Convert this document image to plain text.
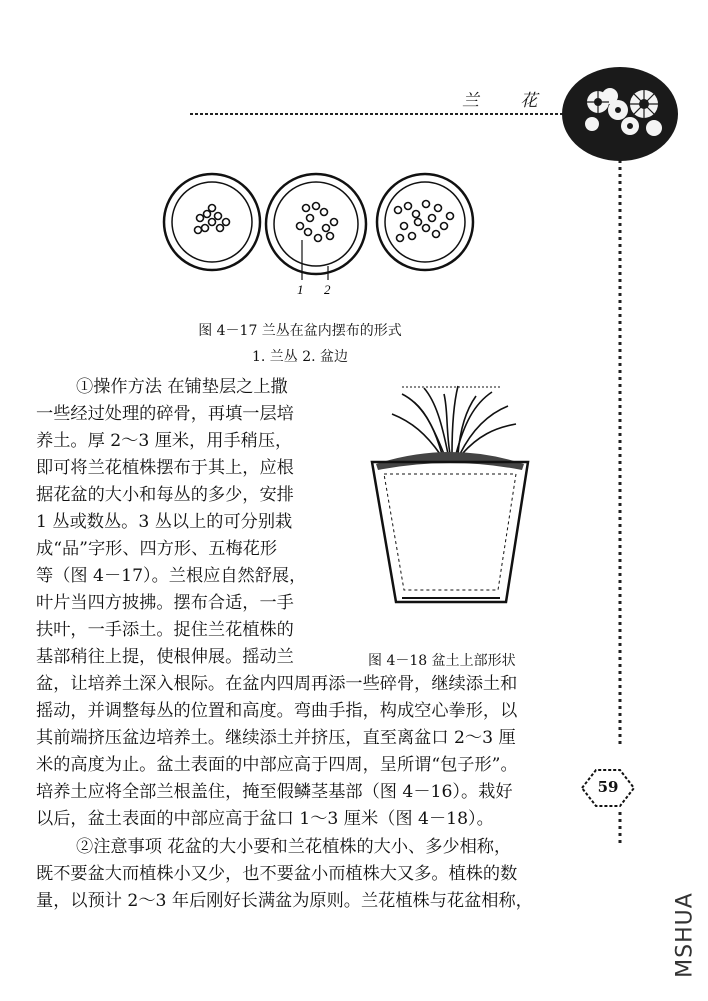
兰 花
1 2
图 4－17 兰丛在盆内摆布的形式
1. 兰丛 2. 盆边
图 4－18 盆土上部形状
①操作方法 在铺垫层之上撒
一些经过处理的碎骨，再填一层培
养土。厚 2～3 厘米，用手稍压，
即可将兰花植株摆布于其上，应根
据花盆的大小和每丛的多少，安排
1 丛或数丛。3 丛以上的可分别栽
成“品”字形、四方形、五梅花形
等（图 4－17）。兰根应自然舒展，
叶片当四方披拂。摆布合适，一手
扶叶，一手添土。捉住兰花植株的
基部稍往上提，使根伸展。摇动兰
盆，让培养土深入根际。在盆内四周再添一些碎骨，继续添土和
摇动，并调整每丛的位置和高度。弯曲手指，构成空心拳形，以
其前端挤压盆边培养土。继续添土并挤压，直至离盆口 2～3 厘
米的高度为止。盆土表面的中部应高于四周，呈所谓“包子形”。
培养土应将全部兰根盖住，掩至假鳞茎基部（图 4－16）。栽好
以后，盆土表面的中部应高于盆口 1～3 厘米（图 4－18）。
②注意事项 花盆的大小要和兰花植株的大小、多少相称，
既不要盆大而植株小又少，也不要盆小而植株大又多。植株的数
量，以预计 2～3 年后刚好长满盆为原则。兰花植株与花盆相称，
59
MSHUA
